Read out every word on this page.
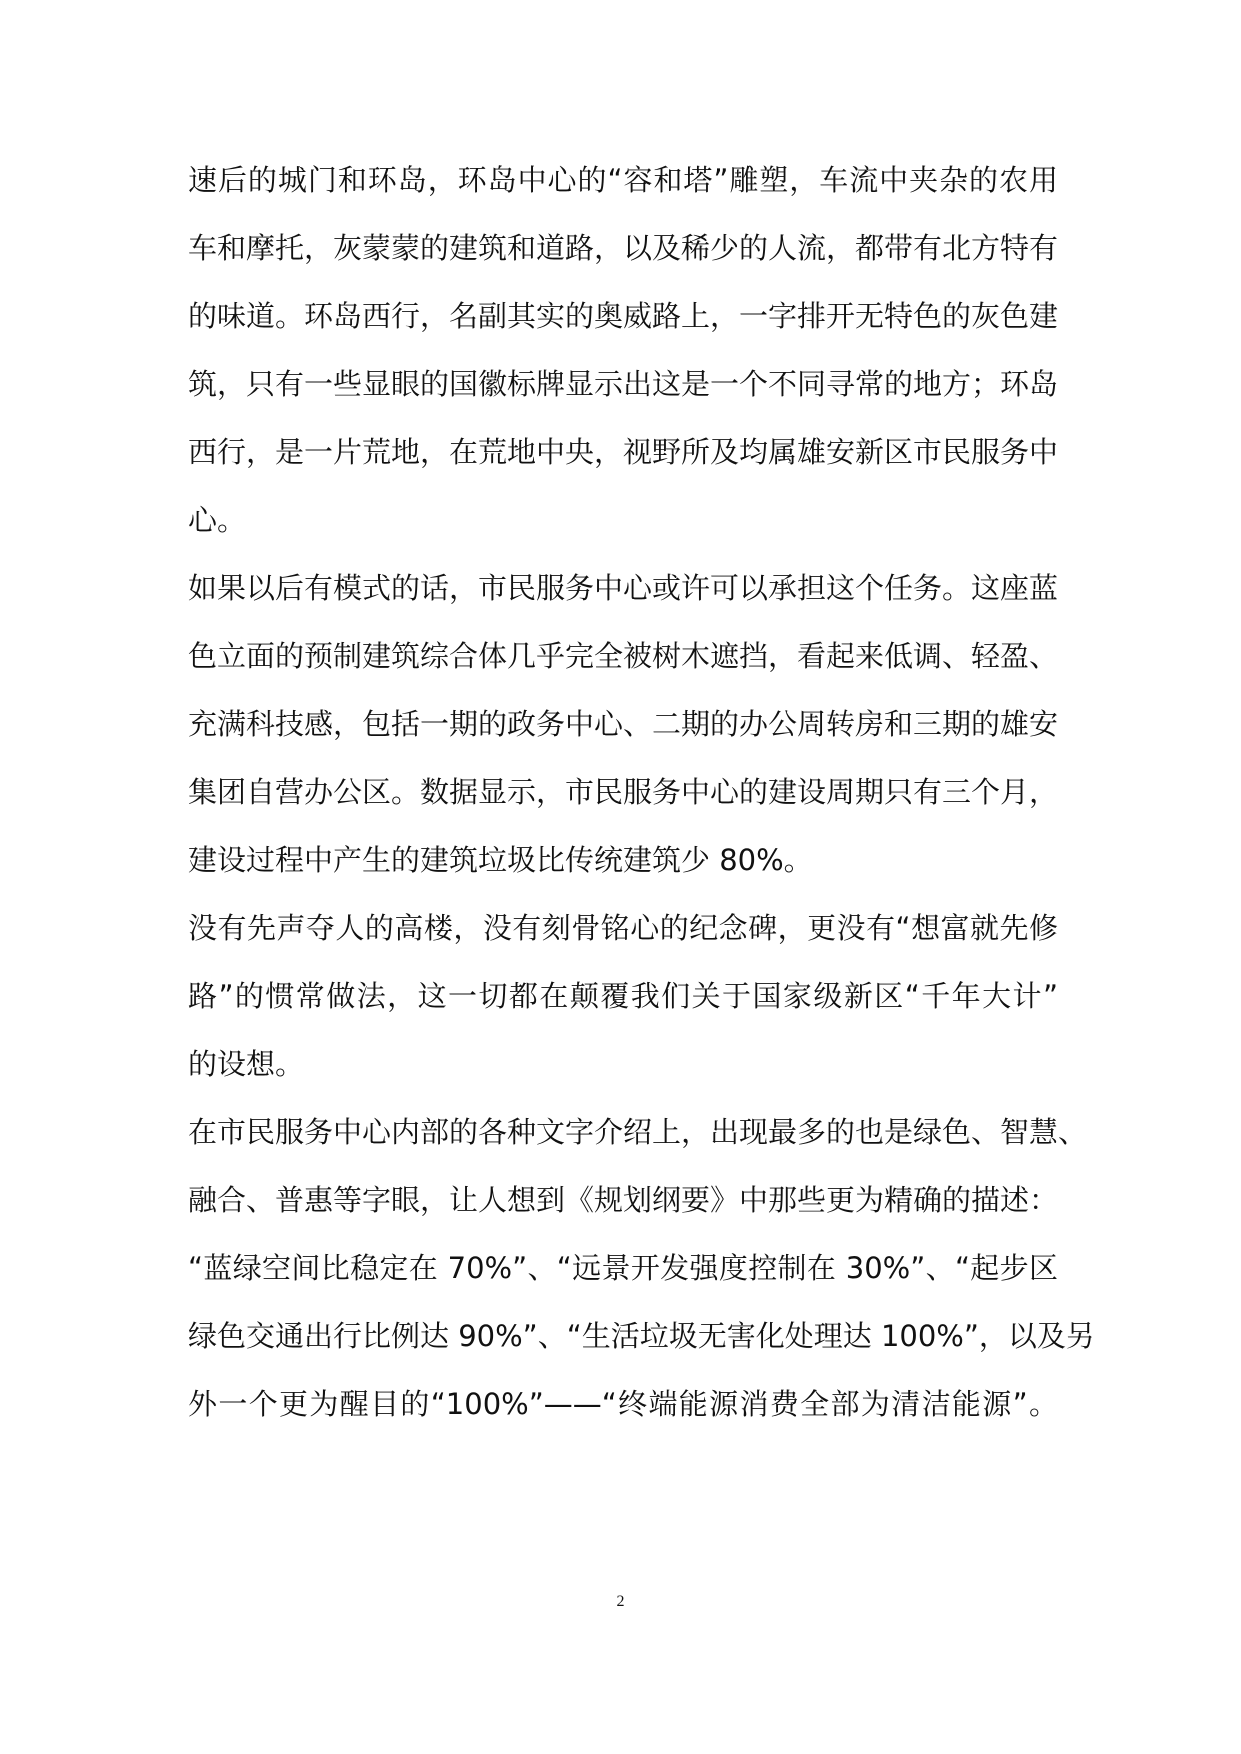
速后的城门和环岛，环岛中心的“容和塔”雕塑，车流中夹杂的农用
车和摩托，灰蒙蒙的建筑和道路，以及稀少的人流，都带有北方特有
的味道。环岛西行，名副其实的奥威路上，一字排开无特色的灰色建
筑，只有一些显眼的国徽标牌显示出这是一个不同寻常的地方；环岛
西行，是一片荒地，在荒地中央，视野所及均属雄安新区市民服务中
心。
如果以后有模式的话，市民服务中心或许可以承担这个任务。这座蓝
色立面的预制建筑综合体几乎完全被树木遮挡，看起来低调、轻盈、
充满科技感，包括一期的政务中心、二期的办公周转房和三期的雄安
集团自营办公区。数据显示，市民服务中心的建设周期只有三个月，
建设过程中产生的建筑垃圾比传统建筑少 80%。
没有先声夺人的高楼，没有刻骨铭心的纪念碑，更没有“想富就先修
路”的惯常做法，这一切都在颠覆我们关于国家级新区“千年大计”
的设想。
在市民服务中心内部的各种文字介绍上，出现最多的也是绿色、智慧、
融合、普惠等字眼，让人想到《规划纲要》中那些更为精确的描述：
“蓝绿空间比稳定在 70%”、“远景开发强度控制在 30%”、“起步区
绿色交通出行比例达 90%”、“生活垃圾无害化处理达 100%”，以及另
外一个更为醒目的“100%”——“终端能源消费全部为清洁能源”。
2
